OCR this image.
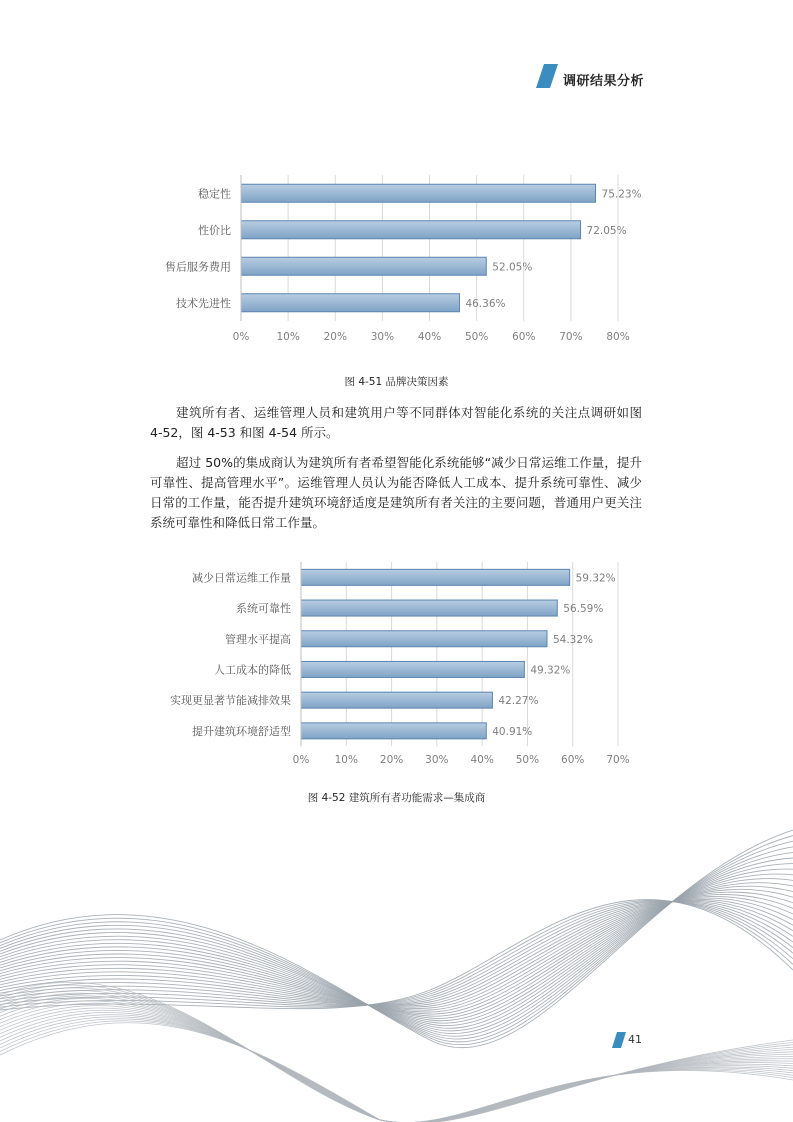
调研结果分析
0%	10% 20% 30% 40% 50% 60% 70% 80%
稳定性	75.23%
性价比	72.05%
售后服务费用	52.05%
技术先进性	46.36%
图 4-51 品牌决策因素

建筑所有者、运维管理人员和建筑用户等不同群体对智能化系统的关注点调研如图 4-52，图 4-53 和图 4-54 所示。

超过 50%的集成商认为建筑所有者希望智能化系统能够“减少日常运维工作量，提升可靠性、提高管理水平”。运维管理人员认为能否降低人工成本、提升系统可靠性、减少日常的工作量，能否提升建筑环境舒适度是建筑所有者关注的主要问题，普通用户更关注系统可靠性和降低日常工作量。

0% 10% 20% 30% 40% 50% 60% 70%
减少日常运维工作量	59.32%
系统可靠性	56.59%
管理水平提高	54.32%
人工成本的降低	49.32%
实现更显著节能减排效果	42.27%
提升建筑环境舒适型	40.91%
图 4-52 建筑所有者功能需求—集成商
41
